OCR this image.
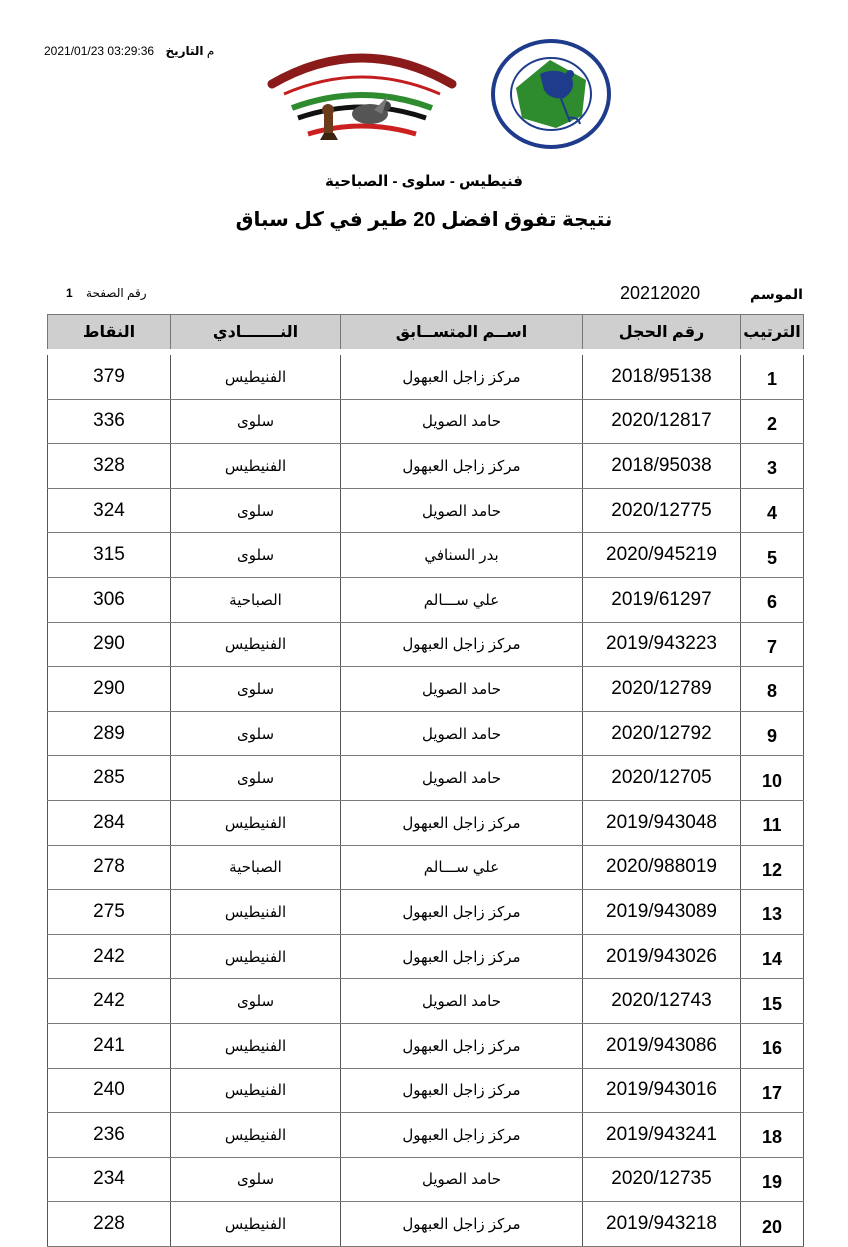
2021/01/23 03:29:36 م التاريخ
فنيطيس - سلوى - الصباحية
نتيجة تفوق افضل 20 طير في كل سباق
رقم الصفحة 1	20212020	الموسم
الترتيب	رقم الحجل	اســم المتســابق	النـــــــادي	النقاط
1	2018/95138	مركز زاجل العبهول	الفنيطيس	379
2	2020/12817	حامد الصويل	سلوى	336
3	2018/95038	مركز زاجل العبهول	الفنيطيس	328
4	2020/12775	حامد الصويل	سلوى	324
5	2020/945219	بدر السنافي	سلوى	315
6	2019/61297	علي ســـالم	الصباحية	306
7	2019/943223	مركز زاجل العبهول	الفنيطيس	290
8	2020/12789	حامد الصويل	سلوى	290
9	2020/12792	حامد الصويل	سلوى	289
10	2020/12705	حامد الصويل	سلوى	285
11	2019/943048	مركز زاجل العبهول	الفنيطيس	284
12	2020/988019	علي ســـالم	الصباحية	278
13	2019/943089	مركز زاجل العبهول	الفنيطيس	275
14	2019/943026	مركز زاجل العبهول	الفنيطيس	242
15	2020/12743	حامد الصويل	سلوى	242
16	2019/943086	مركز زاجل العبهول	الفنيطيس	241
17	2019/943016	مركز زاجل العبهول	الفنيطيس	240
18	2019/943241	مركز زاجل العبهول	الفنيطيس	236
19	2020/12735	حامد الصويل	سلوى	234
20	2019/943218	مركز زاجل العبهول	الفنيطيس	228
